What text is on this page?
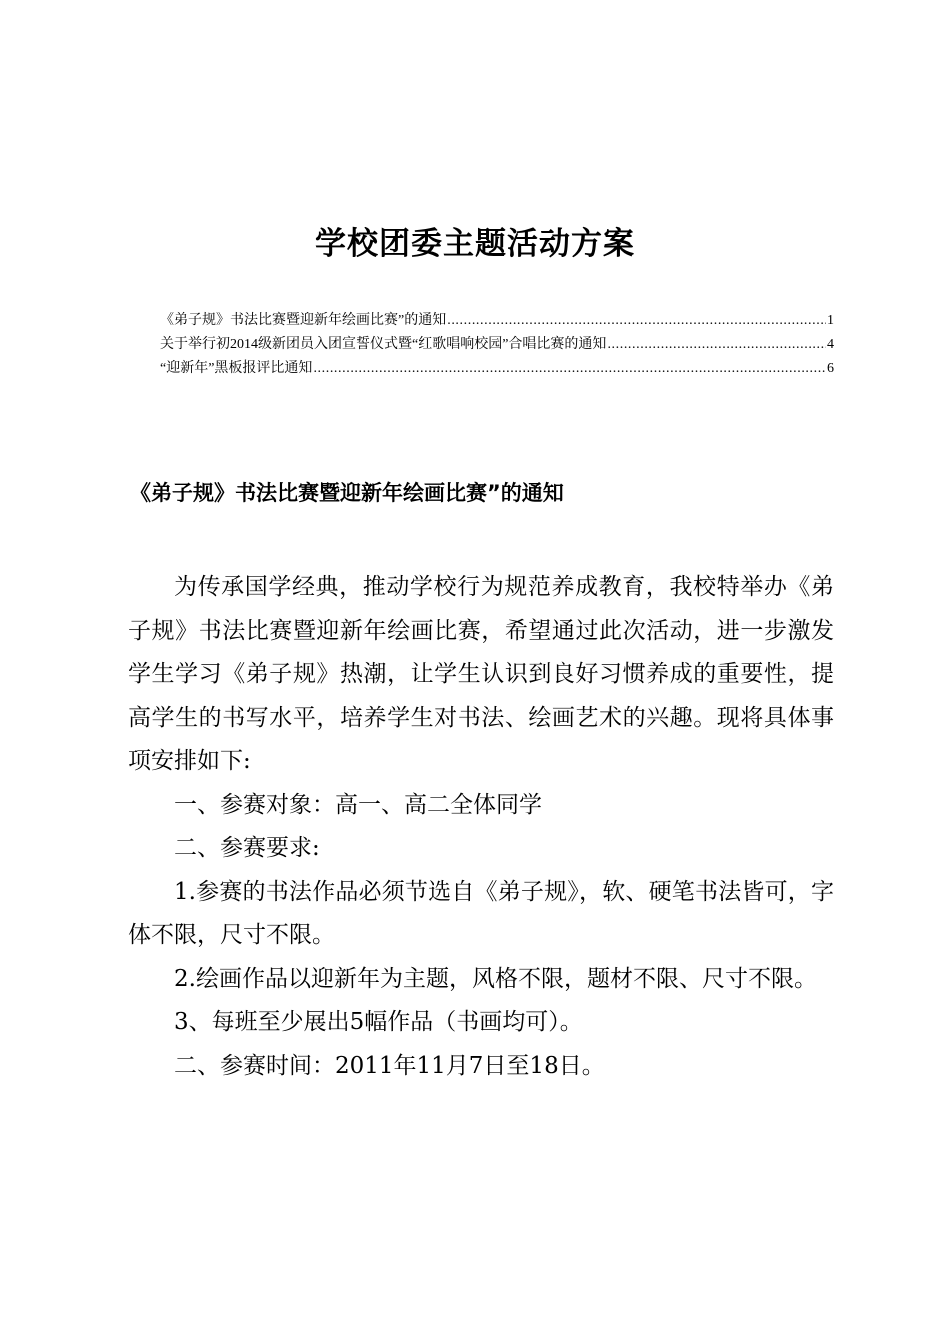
学校团委主题活动方案
《弟子规》书法比赛暨迎新年绘画比赛”的通知 .....	1
关于举行初2014级新团员入团宣誓仪式暨“红歌唱响校园”合唱比赛的通知 .....	4
“迎新年”黑板报评比通知 .....	6
《弟子规》书法比赛暨迎新年绘画比赛”的通知

为传承国学经典，推动学校行为规范养成教育，我校特举办《弟子规》书法比赛暨迎新年绘画比赛，希望通过此次活动，进一步激发学生学习《弟子规》热潮，让学生认识到良好习惯养成的重要性，提高学生的书写水平，培养学生对书法、绘画艺术的兴趣。现将具体事项安排如下:

一、参赛对象：高一、高二全体同学

二、参赛要求:

1.参赛的书法作品必须节选自《弟子规》，软、硬笔书法皆可，字体不限，尺寸不限。

2.绘画作品以迎新年为主题，风格不限，题材不限、尺寸不限。

3、每班至少展出5幅作品（书画均可）。

二、参赛时间：2011年11月7日至18日。
